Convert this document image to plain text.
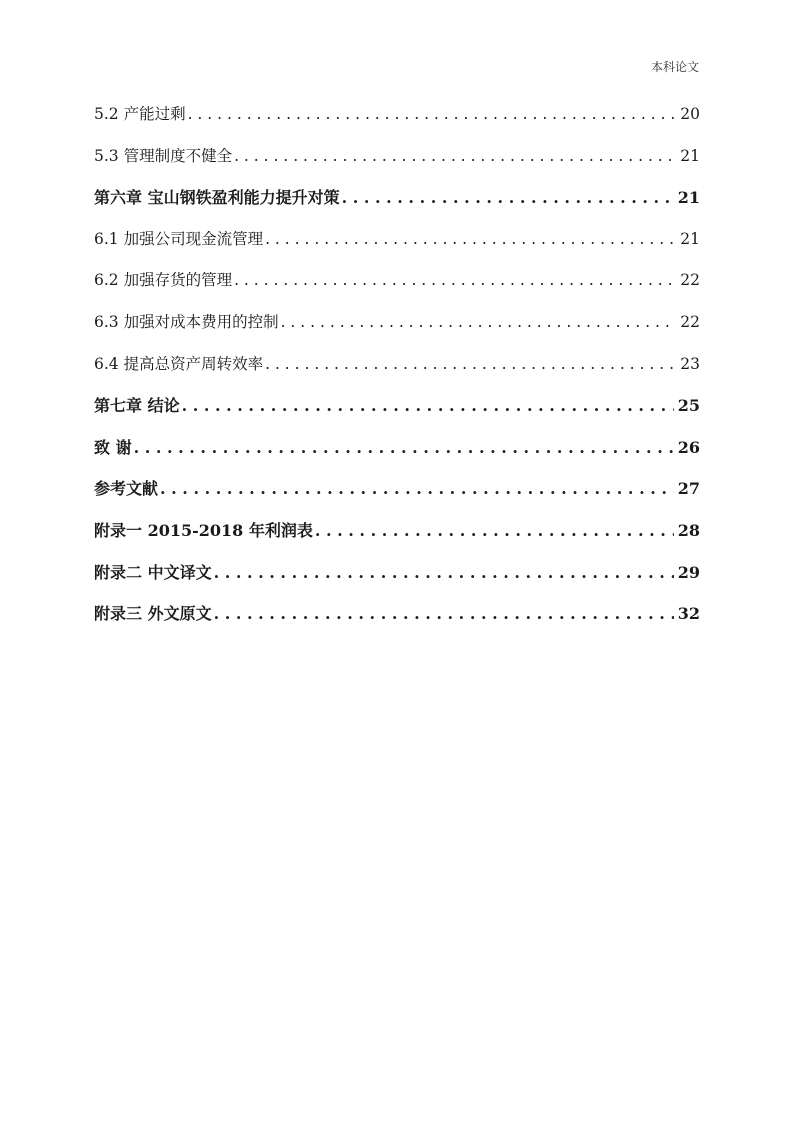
本科论文
5.2 产能过剩 . . .	20
5.3 管理制度不健全 . . .	21
第六章 宝山钢铁盈利能力提升对策 . . .	21
6.1 加强公司现金流管理 . . .	21
6.2 加强存货的管理 . . .	22
6.3 加强对成本费用的控制 . . .	22
6.4 提高总资产周转效率 . . .	23
第七章 结论 . . .	25
致 谢 . . .	26
参考文献 . . .	27
附录一 2015-2018 年利润表 . . .	28
附录二 中文译文 . . .	29
附录三 外文原文 . . .	32
